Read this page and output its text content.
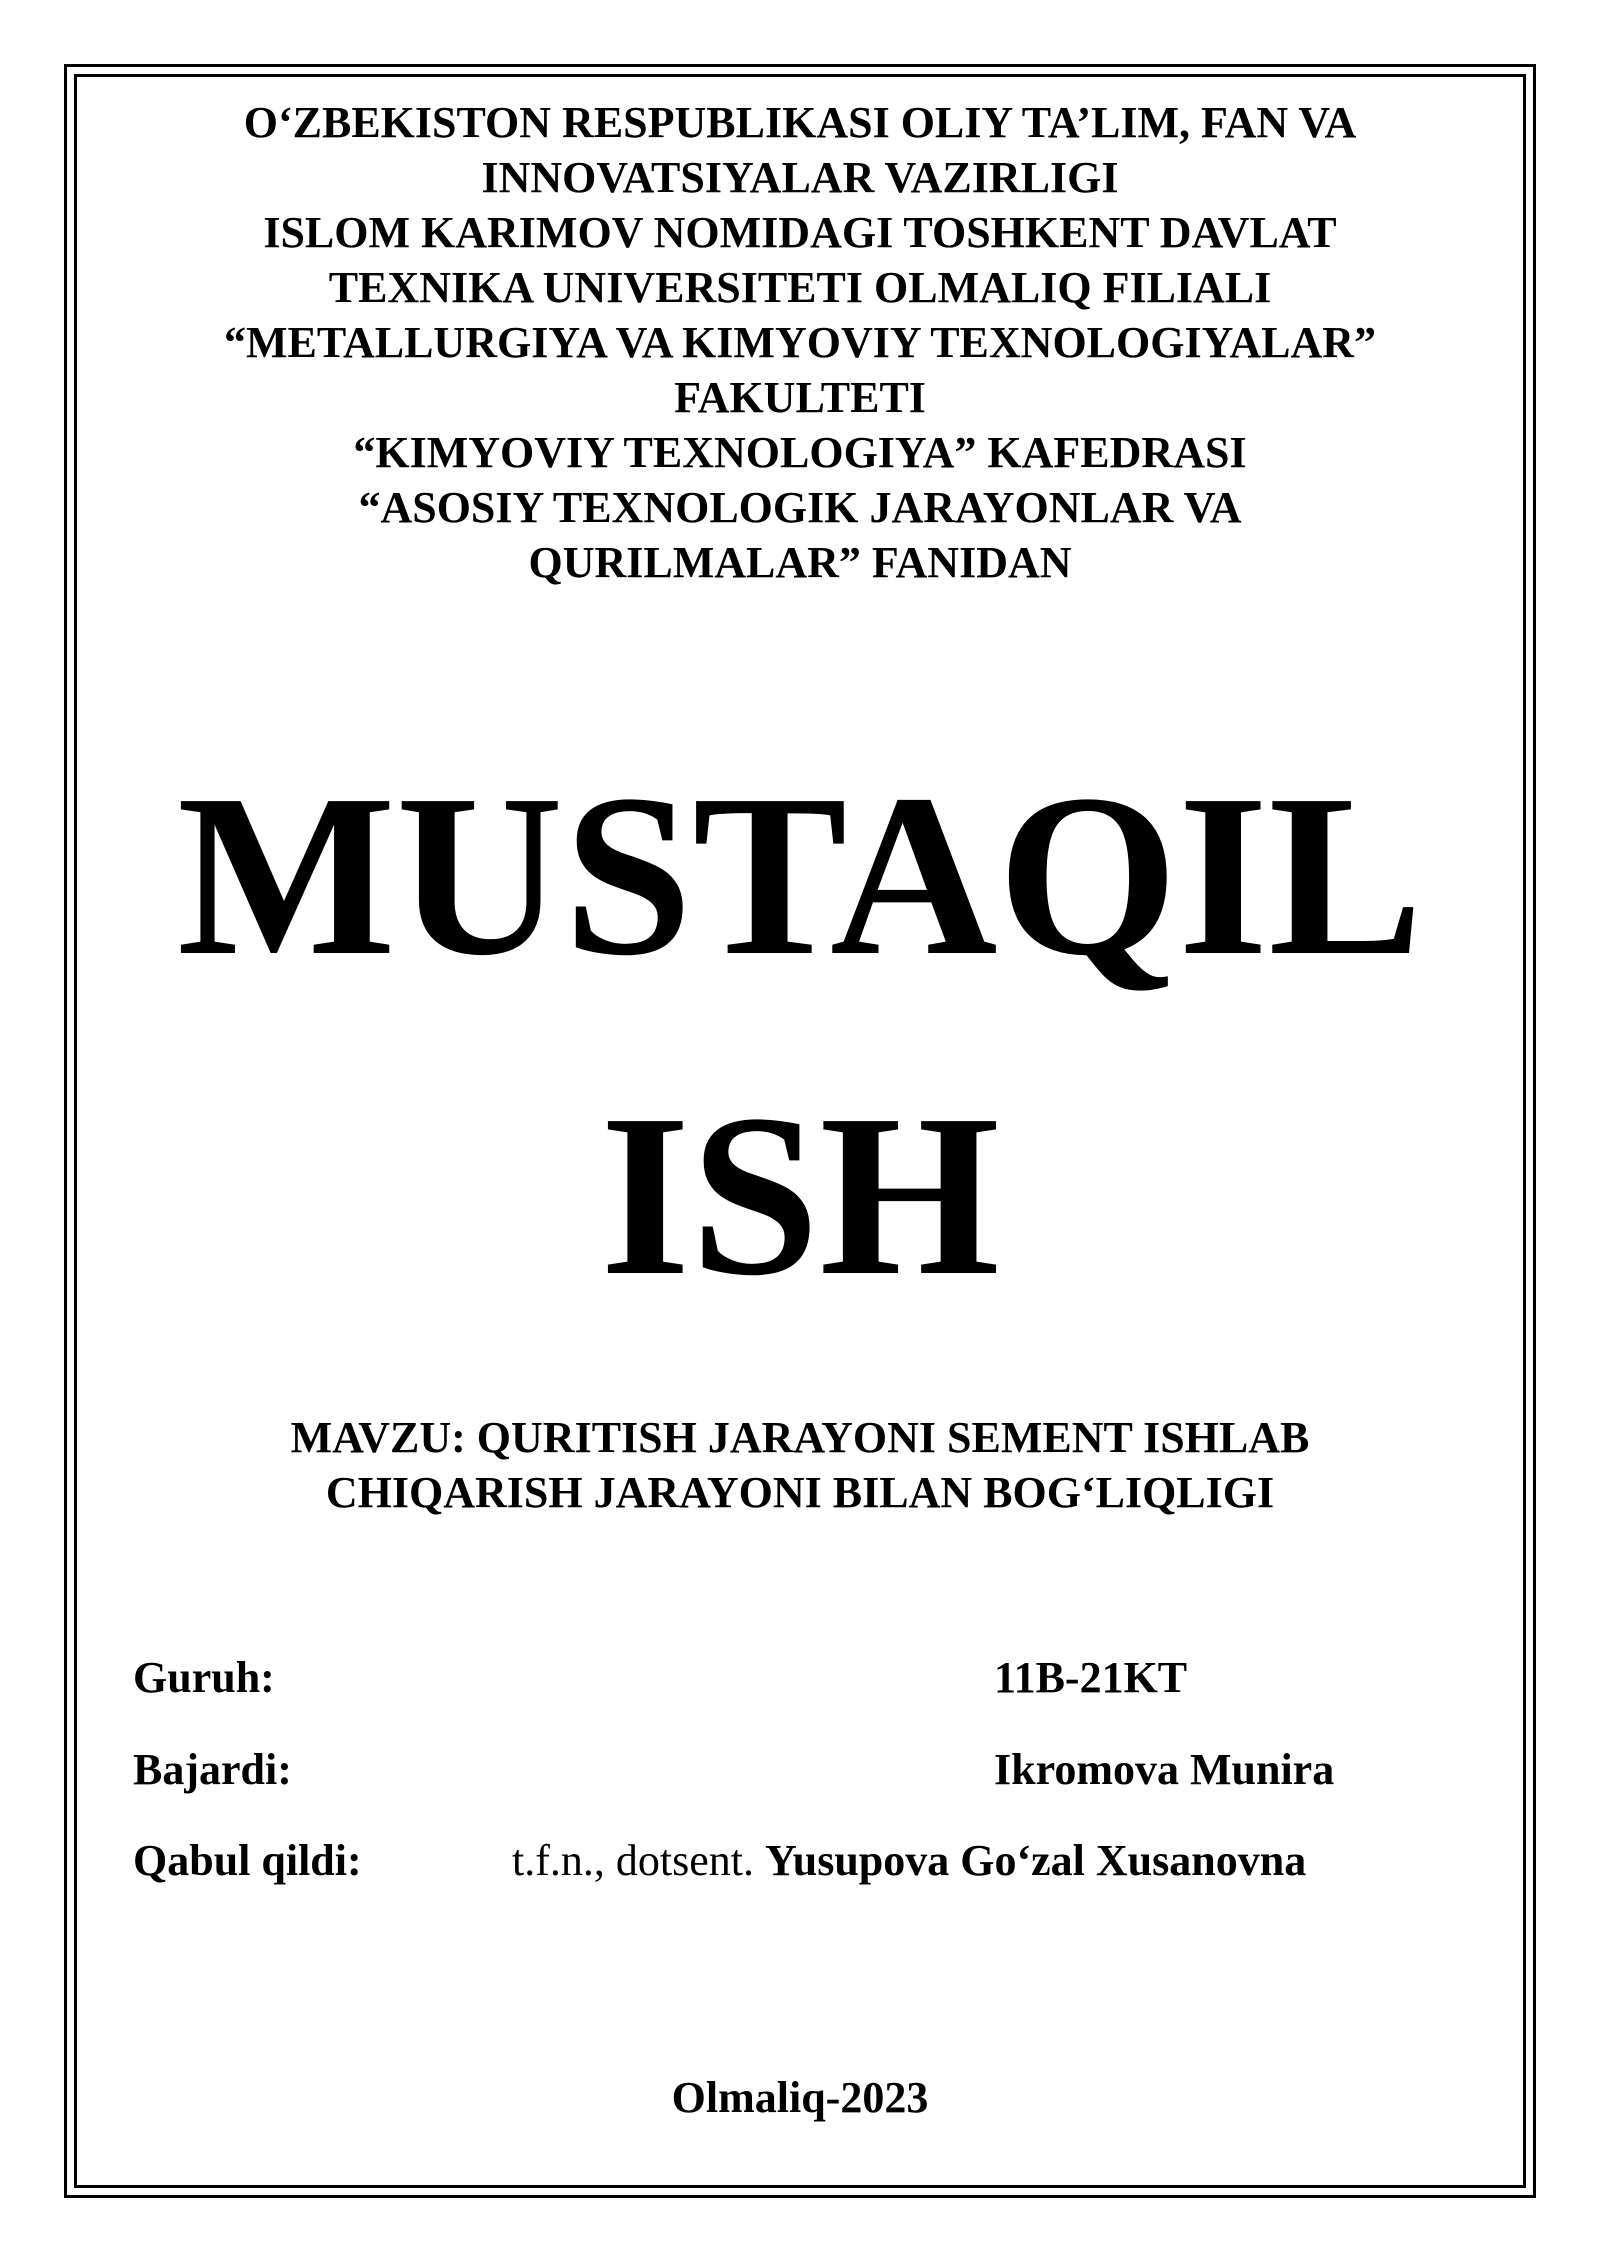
O‘ZBEKISTON RESPUBLIKASI OLIY TA’LIM, FAN VA
INNOVATSIYALAR VAZIRLIGI
ISLOM KARIMOV NOMIDAGI TOSHKENT DAVLAT
TEXNIKA UNIVERSITETI OLMALIQ FILIALI
“METALLURGIYA VA KIMYOVIY TEXNOLOGIYALAR”
FAKULTETI
“KIMYOVIY TEXNOLOGIYA” KAFEDRASI
“ASOSIY TEXNOLOGIK JARAYONLAR VA
QURILMALAR” FANIDAN
MUSTAQIL
ISH
MAVZU: QURITISH JARAYONI SEMENT ISHLAB
CHIQARISH JARAYONI BILAN BOG‘LIQLIGI
Guruh:	11B-21KT
Bajardi:	Ikromova Munira
Qabul qildi:	t.f.n., dotsent. Yusupova Go‘zal Xusanovna
Olmaliq-2023
